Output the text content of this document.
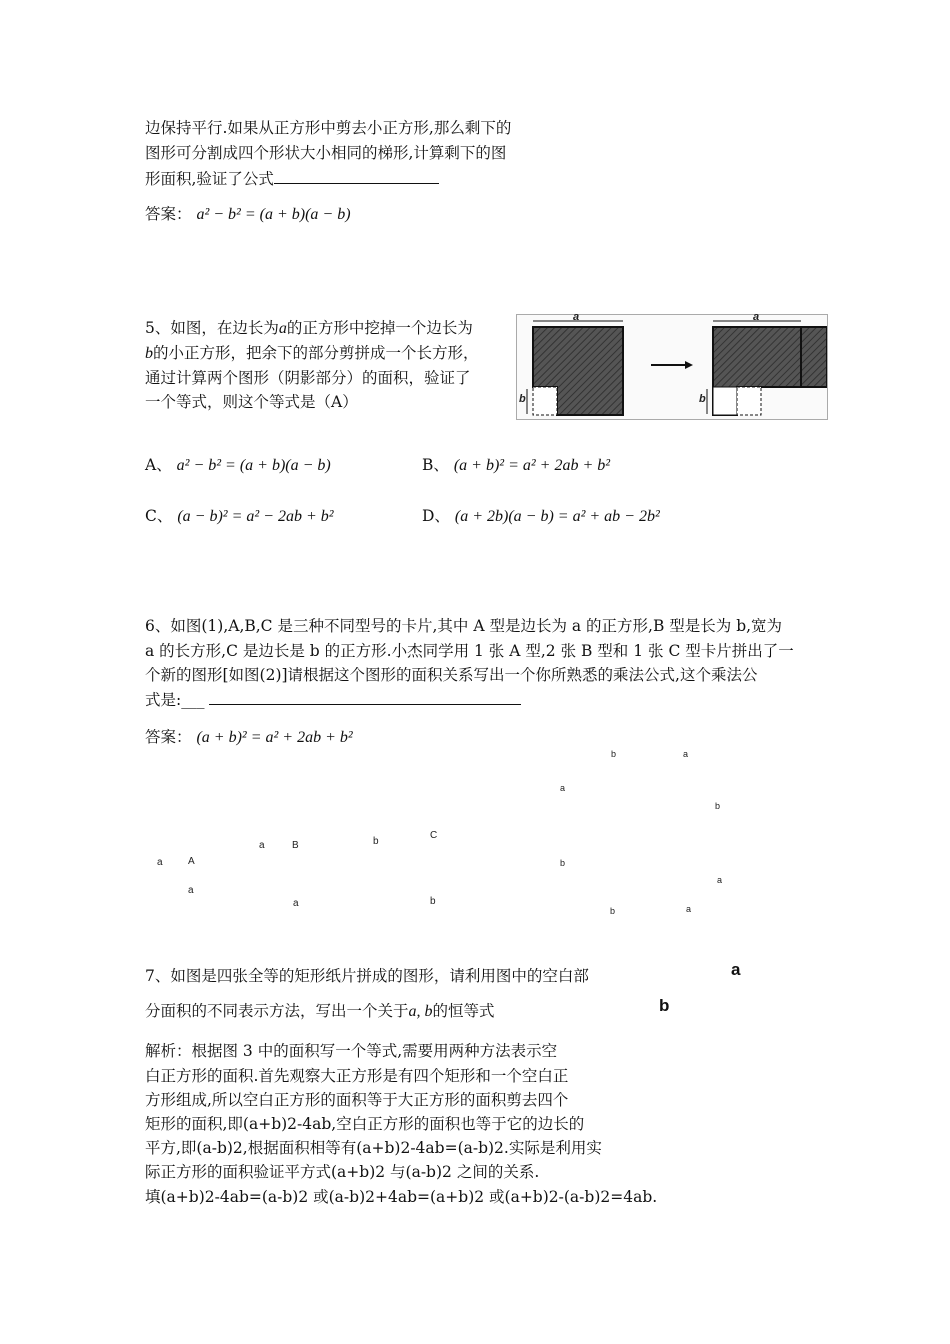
边保持平行.如果从正方形中剪去小正方形,那么剩下的
图形可分割成四个形状大小相同的梯形,计算剩下的图
形面积,验证了公式
答案： a² − b² = (a + b)(a − b)
5、如图，在边长为a的正方形中挖掉一个边长为
b的小正方形，把余下的部分剪拼成一个长方形，
通过计算两个图形（阴影部分）的面积，验证了
一个等式，则这个等式是（A）
a
b
a
b
A、 a² − b² = (a + b)(a − b)	B、 (a + b)² = a² + 2ab + b²
C、 (a − b)² = a² − 2ab + b²	D、 (a + 2b)(a − b) = a² + ab − 2b²
6、如图(1),A,B,C 是三种不同型号的卡片,其中 A 型是边长为 a 的正方形,B 型是长为 b,宽为
a 的长方形,C 是边长是 b 的正方形.小杰同学用 1 张 A 型,2 张 B 型和 1 张 C 型卡片拼出了一
个新的图形[如图(2)]请根据这个图形的面积关系写出一个你所熟悉的乘法公式,这个乘法公
式是:___
答案： (a + b)² = a² + 2ab + b²
a	A
a
a	B
a
b
C
b
b	a
a
b
b
a
b	a
7、如图是四张全等的矩形纸片拼成的图形，请利用图中的空白部
分面积的不同表示方法，写出一个关于a, b的恒等式
a
b
解析：根据图 3 中的面积写一个等式,需要用两种方法表示空
白正方形的面积.首先观察大正方形是有四个矩形和一个空白正
方形组成,所以空白正方形的面积等于大正方形的面积剪去四个
矩形的面积,即(a+b)2-4ab,空白正方形的面积也等于它的边长的
平方,即(a-b)2,根据面积相等有(a+b)2-4ab=(a-b)2.实际是利用实
际正方形的面积验证平方式(a+b)2 与(a-b)2 之间的关系.
填(a+b)2-4ab=(a-b)2 或(a-b)2+4ab=(a+b)2 或(a+b)2-(a-b)2=4ab.
